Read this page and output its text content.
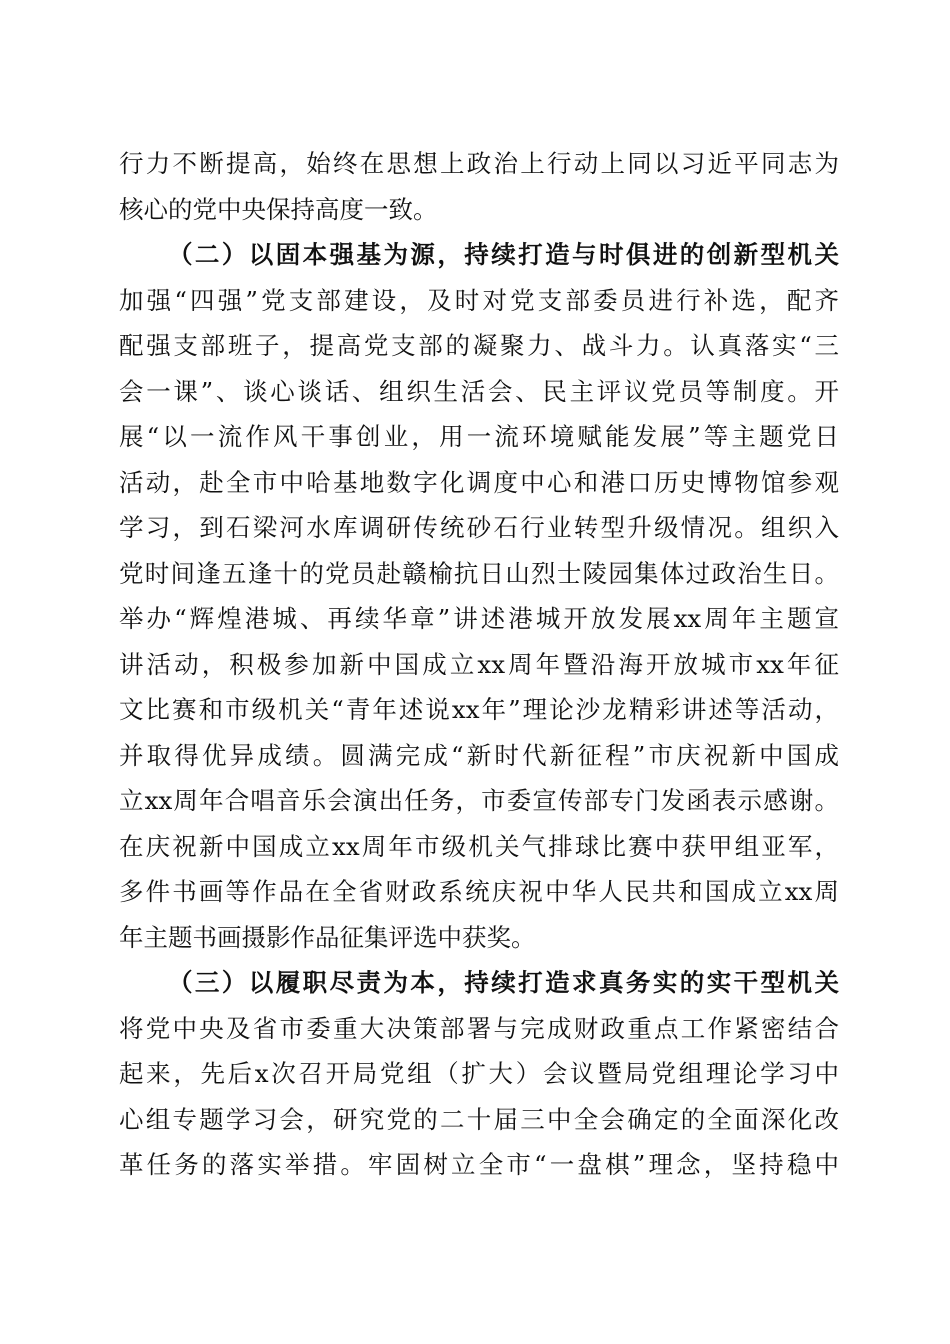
行力不断提高，始终在思想上政治上行动上同以习近平同志为
核心的党中央保持高度一致。
（二）以固本强基为源，持续打造与时俱进的创新型机关
加强“四强”党支部建设，及时对党支部委员进行补选，配齐
配强支部班子，提高党支部的凝聚力、战斗力。认真落实“三
会一课”、谈心谈话、组织生活会、民主评议党员等制度。开
展“以一流作风干事创业，用一流环境赋能发展”等主题党日
活动，赴全市中哈基地数字化调度中心和港口历史博物馆参观
学习，到石梁河水库调研传统砂石行业转型升级情况。组织入
党时间逢五逢十的党员赴赣榆抗日山烈士陵园集体过政治生日。
举办“辉煌港城、再续华章”讲述港城开放发展xx周年主题宣
讲活动，积极参加新中国成立xx周年暨沿海开放城市xx年征
文比赛和市级机关“青年述说xx年”理论沙龙精彩讲述等活动，
并取得优异成绩。圆满完成“新时代新征程”市庆祝新中国成
立xx周年合唱音乐会演出任务，市委宣传部专门发函表示感谢。
在庆祝新中国成立xx周年市级机关气排球比赛中获甲组亚军，
多件书画等作品在全省财政系统庆祝中华人民共和国成立xx周
年主题书画摄影作品征集评选中获奖。
（三）以履职尽责为本，持续打造求真务实的实干型机关
将党中央及省市委重大决策部署与完成财政重点工作紧密结合
起来，先后x次召开局党组（扩大）会议暨局党组理论学习中
心组专题学习会，研究党的二十届三中全会确定的全面深化改
革任务的落实举措。牢固树立全市“一盘棋”理念，坚持稳中
